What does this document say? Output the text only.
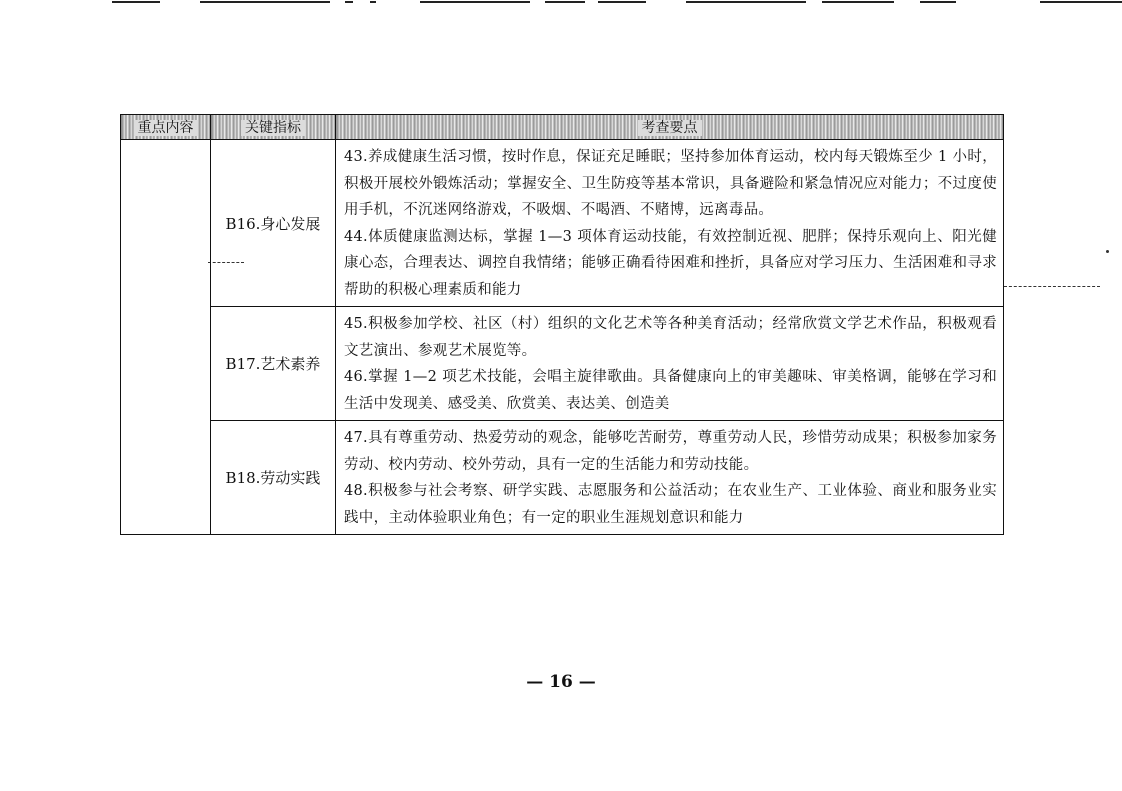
重点内容	关键指标	考查要点
	B16.身心发展	43.养成健康生活习惯，按时作息，保证充足睡眠；坚持参加体育运动，校内每天锻炼至少 1 小时，积极开展校外锻炼活动；掌握安全、卫生防疫等基本常识，具备避险和紧急情况应对能力；不过度使用手机，不沉迷网络游戏，不吸烟、不喝酒、不赌博，远离毒品。

44.体质健康监测达标，掌握 1—3 项体育运动技能，有效控制近视、肥胖；保持乐观向上、阳光健康心态，合理表达、调控自我情绪；能够正确看待困难和挫折，具备应对学习压力、生活困难和寻求帮助的积极心理素质和能力

	B17.艺术素养	45.积极参加学校、社区（村）组织的文化艺术等各种美育活动；经常欣赏文学艺术作品，积极观看文艺演出、参观艺术展览等。

46.掌握 1—2 项艺术技能，会唱主旋律歌曲。具备健康向上的审美趣味、审美格调，能够在学习和生活中发现美、感受美、欣赏美、表达美、创造美

	B18.劳动实践	47.具有尊重劳动、热爱劳动的观念，能够吃苦耐劳，尊重劳动人民，珍惜劳动成果；积极参加家务劳动、校内劳动、校外劳动，具有一定的生活能力和劳动技能。

48.积极参与社会考察、研学实践、志愿服务和公益活动；在农业生产、工业体验、商业和服务业实践中，主动体验职业角色；有一定的职业生涯规划意识和能力

— 16 —
